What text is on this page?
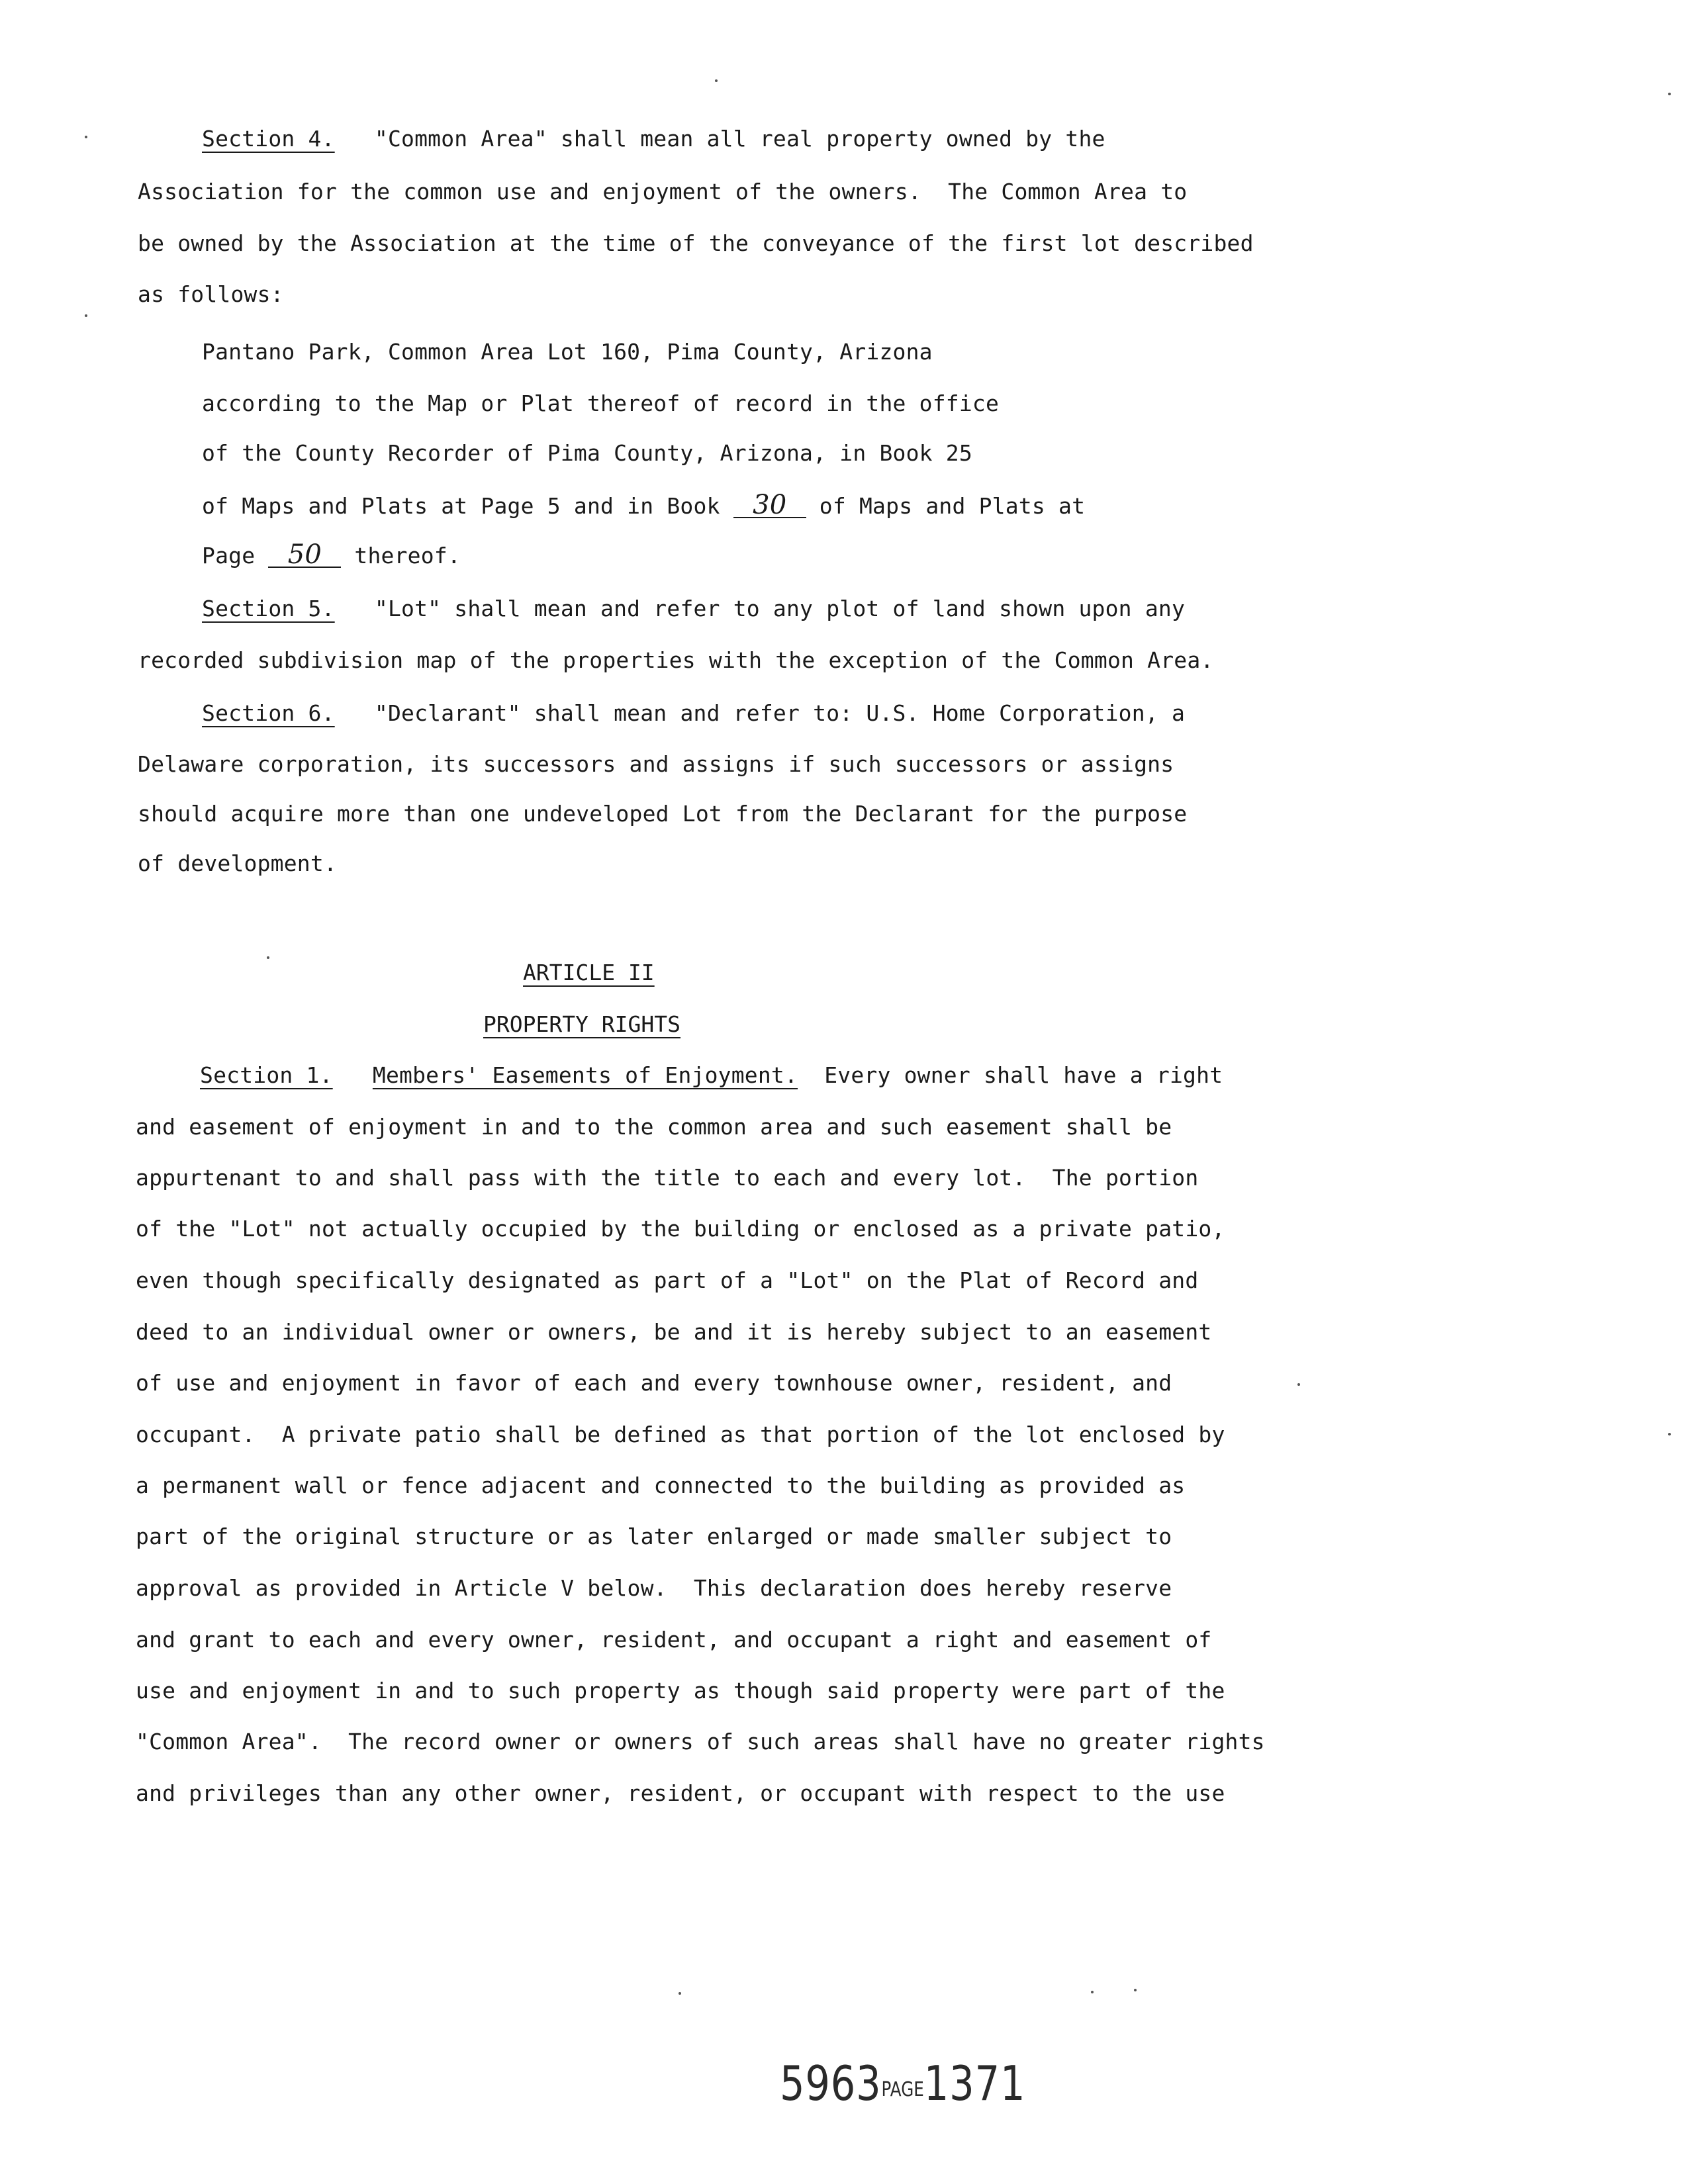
Section 4. "Common Area" shall mean all real property owned by the
Association for the common use and enjoyment of the owners.  The Common Area to
be owned by the Association at the time of the conveyance of the first lot described
as follows:
Pantano Park, Common Area Lot 160, Pima County, Arizona
according to the Map or Plat thereof of record in the office
of the County Recorder of Pima County, Arizona, in Book 25
of Maps and Plats at Page 5 and in Book 30 of Maps and Plats at
Page 50 thereof.
Section 5. "Lot" shall mean and refer to any plot of land shown upon any
recorded subdivision map of the properties with the exception of the Common Area.
Section 6. "Declarant" shall mean and refer to: U.S. Home Corporation, a
Delaware corporation, its successors and assigns if such successors or assigns
should acquire more than one undeveloped Lot from the Declarant for the purpose
of development.
ARTICLE II
PROPERTY RIGHTS
Section 1. Members' Easements of Enjoyment. Every owner shall have a right
and easement of enjoyment in and to the common area and such easement shall be
appurtenant to and shall pass with the title to each and every lot.  The portion
of the "Lot" not actually occupied by the building or enclosed as a private patio,
even though specifically designated as part of a "Lot" on the Plat of Record and
deed to an individual owner or owners, be and it is hereby subject to an easement
of use and enjoyment in favor of each and every townhouse owner, resident, and
occupant.  A private patio shall be defined as that portion of the lot enclosed by
a permanent wall or fence adjacent and connected to the building as provided as
part of the original structure or as later enlarged or made smaller subject to
approval as provided in Article V below.  This declaration does hereby reserve
and grant to each and every owner, resident, and occupant a right and easement of
use and enjoyment in and to such property as though said property were part of the
"Common Area".  The record owner or owners of such areas shall have no greater rights
and privileges than any other owner, resident, or occupant with respect to the use
5963PAGE1371
